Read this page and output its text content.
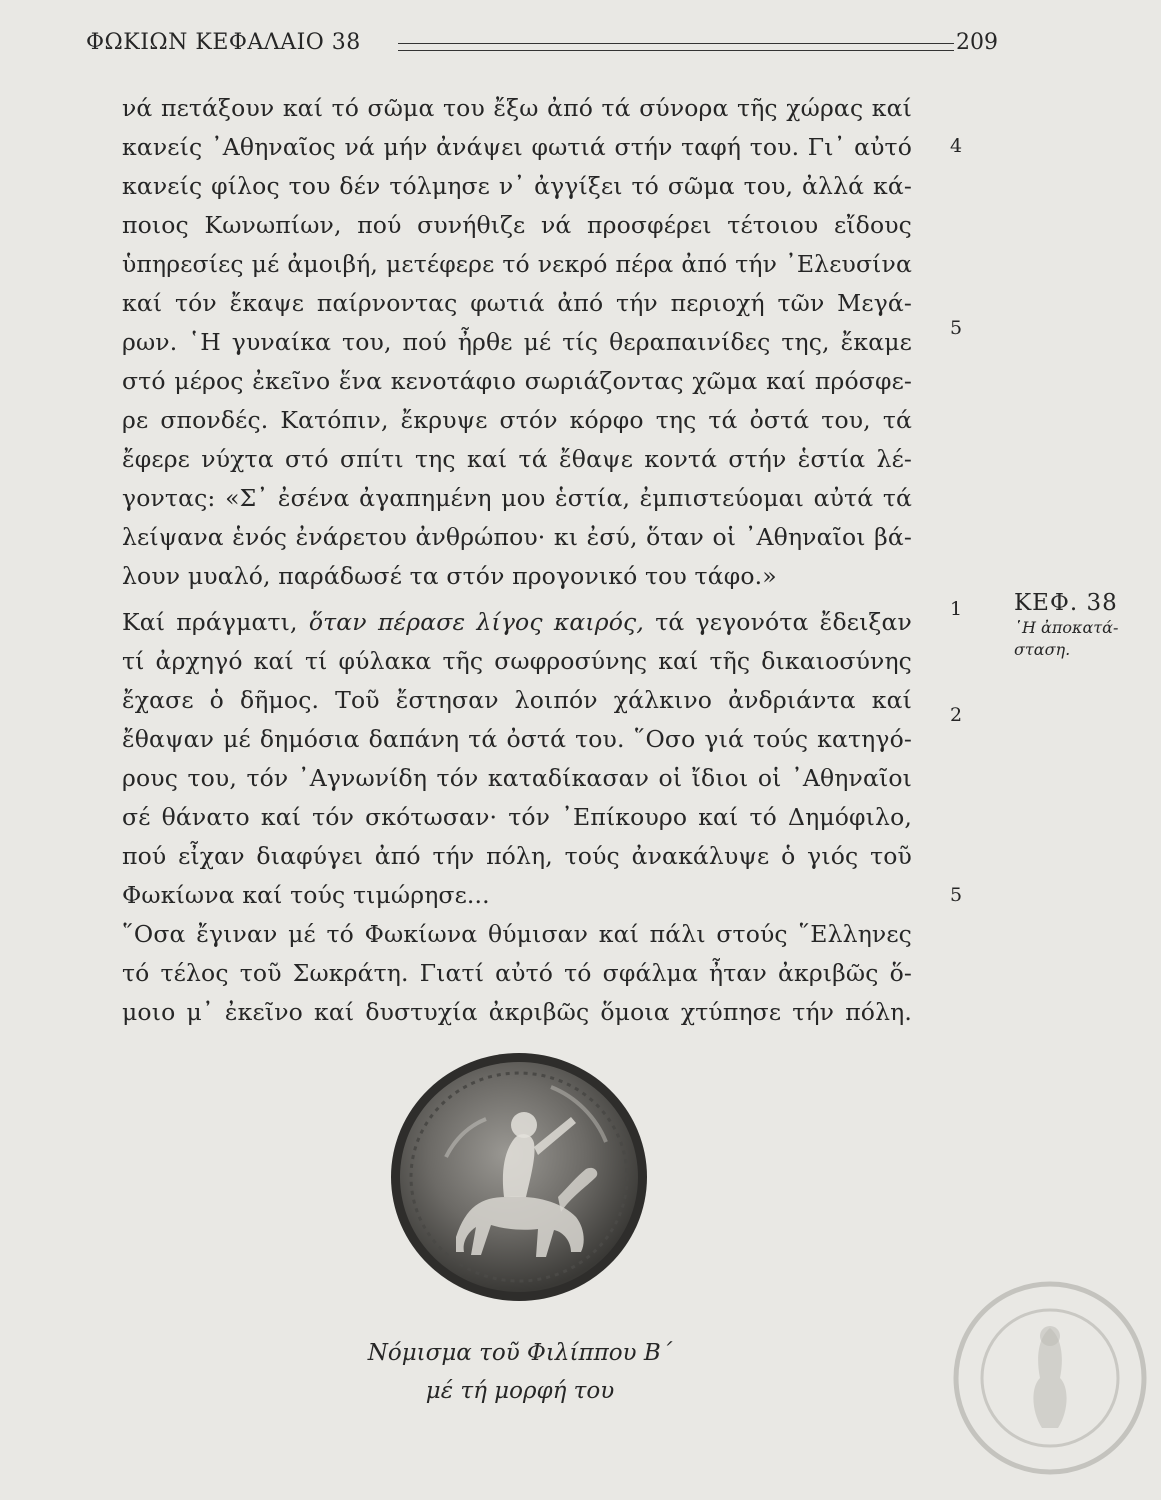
ΦΩΚΙΩΝ ΚΕΦΑΛΑΙΟ 38	209
νά πετάξουν καί τό σῶμα του ἔξω ἀπό τά σύνορα τῆς χώρας καί
κανείς ᾿Αθηναῖος νά μήν ἀνάψει φωτιά στήν ταφή του. Γι᾿ αὐτό
κανείς φίλος του δέν τόλμησε ν᾿ ἀγγίξει τό σῶμα του, ἀλλά κά-
ποιος Κωνωπίων, πού συνήθιζε νά προσφέρει τέτοιου εἴδους
ὑπηρεσίες μέ ἀμοιβή, μετέφερε τό νεκρό πέρα ἀπό τήν ᾿Ελευσίνα
καί τόν ἔκαψε παίρνοντας φωτιά ἀπό τήν περιοχή τῶν Μεγά-
ρων. ῾Η γυναίκα του, πού ἦρθε μέ τίς θεραπαινίδες της, ἔκαμε
στό μέρος ἐκεῖνο ἕνα κενοτάφιο σωριάζοντας χῶμα καί πρόσφε-
ρε σπονδές. Κατόπιν, ἔκρυψε στόν κόρφο της τά ὀστά του, τά
ἔφερε νύχτα στό σπίτι της καί τά ἔθαψε κοντά στήν ἑστία λέ-
γοντας: «Σ᾿ ἐσένα ἀγαπημένη μου ἑστία, ἐμπιστεύομαι αὐτά τά
λείψανα ἑνός ἐνάρετου ἀνθρώπου· κι ἐσύ, ὅταν οἱ ᾿Αθηναῖοι βά-
λουν μυαλό, παράδωσέ τα στόν προγονικό του τάφο.»
Καί πράγματι, ὅταν πέρασε λίγος καιρός, τά γεγονότα ἔδειξαν
τί ἀρχηγό καί τί φύλακα τῆς σωφροσύνης καί τῆς δικαιοσύνης
ἔχασε ὁ δῆμος. Τοῦ ἔστησαν λοιπόν χάλκινο ἀνδριάντα καί
ἔθαψαν μέ δημόσια δαπάνη τά ὀστά του. ῞Οσο γιά τούς κατηγό-
ρους του, τόν ᾿Αγνωνίδη τόν καταδίκασαν οἱ ἴδιοι οἱ ᾿Αθηναῖοι
σέ θάνατο καί τόν σκότωσαν· τόν ᾿Επίκουρο καί τό Δημόφιλο,
πού εἶχαν διαφύγει ἀπό τήν πόλη, τούς ἀνακάλυψε ὁ γιός τοῦ
Φωκίωνα καί τούς τιμώρησε...
῞Οσα ἔγιναν μέ τό Φωκίωνα θύμισαν καί πάλι στούς ῞Ελληνες
τό τέλος τοῦ Σωκράτη. Γιατί αὐτό τό σφάλμα ἦταν ἀκριβῶς ὅ-
μοιο μ᾿ ἐκεῖνο καί δυστυχία ἀκριβῶς ὅμοια χτύπησε τήν πόλη.
4
5
1
2
5
ΚΕΦ. 38
῾Η ἀποκατά-
σταση.
Νόμισμα τοῦ Φιλίππου Β΄
μέ τή μορφή του
